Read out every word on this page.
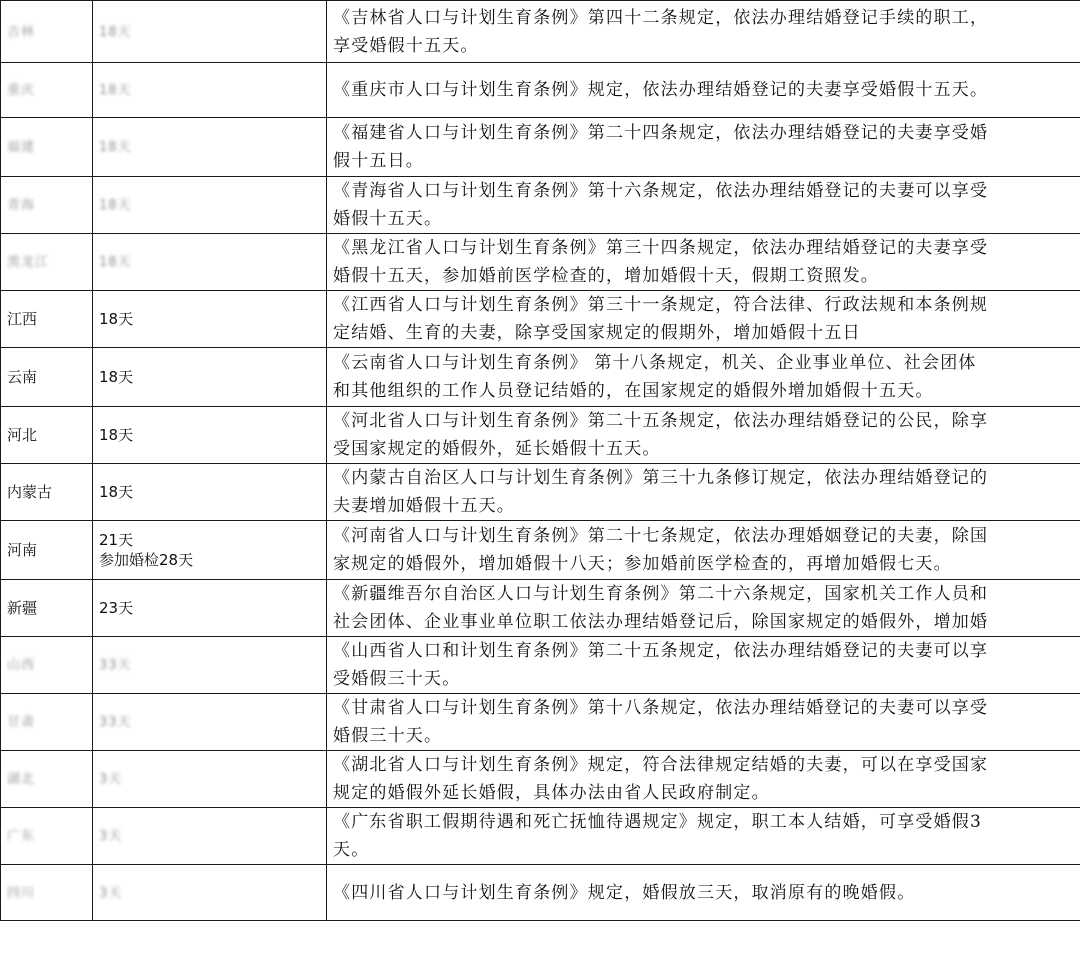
吉林	18天	《吉林省人口与计划生育条例》第四十二条规定，依法办理结婚登记手续的职工，
享受婚假十五天。

重庆	18天	《重庆市人口与计划生育条例》规定，依法办理结婚登记的夫妻享受婚假十五天。

福建	18天	《福建省人口与计划生育条例》第二十四条规定，依法办理结婚登记的夫妻享受婚
假十五日。

青海	18天	《青海省人口与计划生育条例》第十六条规定，依法办理结婚登记的夫妻可以享受
婚假十五天。

黑龙江	18天	《黑龙江省人口与计划生育条例》第三十四条规定，依法办理结婚登记的夫妻享受
婚假十五天，参加婚前医学检查的，增加婚假十天，假期工资照发。

江西	18天	《江西省人口与计划生育条例》第三十一条规定，符合法律、行政法规和本条例规
定结婚、生育的夫妻，除享受国家规定的假期外，增加婚假十五日

云南	18天	《云南省人口与计划生育条例》 第十八条规定，机关、企业事业单位、社会团体
和其他组织的工作人员登记结婚的，在国家规定的婚假外增加婚假十五天。

河北	18天	《河北省人口与计划生育条例》第二十五条规定，依法办理结婚登记的公民，除享
受国家规定的婚假外，延长婚假十五天。

内蒙古	18天	《内蒙古自治区人口与计划生育条例》第三十九条修订规定，依法办理结婚登记的
夫妻增加婚假十五天。

河南	21天
参加婚检28天	《河南省人口与计划生育条例》第二十七条规定，依法办理婚姻登记的夫妻，除国
家规定的婚假外，增加婚假十八天；参加婚前医学检查的，再增加婚假七天。

新疆	23天	《新疆维吾尔自治区人口与计划生育条例》第二十六条规定，国家机关工作人员和
社会团体、企业事业单位职工依法办理结婚登记后，除国家规定的婚假外，增加婚

山西	33天	《山西省人口和计划生育条例》第二十五条规定，依法办理结婚登记的夫妻可以享
受婚假三十天。

甘肃	33天	《甘肃省人口与计划生育条例》第十八条规定，依法办理结婚登记的夫妻可以享受
婚假三十天。

湖北	3天	《湖北省人口与计划生育条例》规定，符合法律规定结婚的夫妻，可以在享受国家
规定的婚假外延长婚假，具体办法由省人民政府制定。

广东	3天	《广东省职工假期待遇和死亡抚恤待遇规定》规定，职工本人结婚，可享受婚假3
天。

四川	3天	《四川省人口与计划生育条例》规定，婚假放三天，取消原有的晚婚假。
